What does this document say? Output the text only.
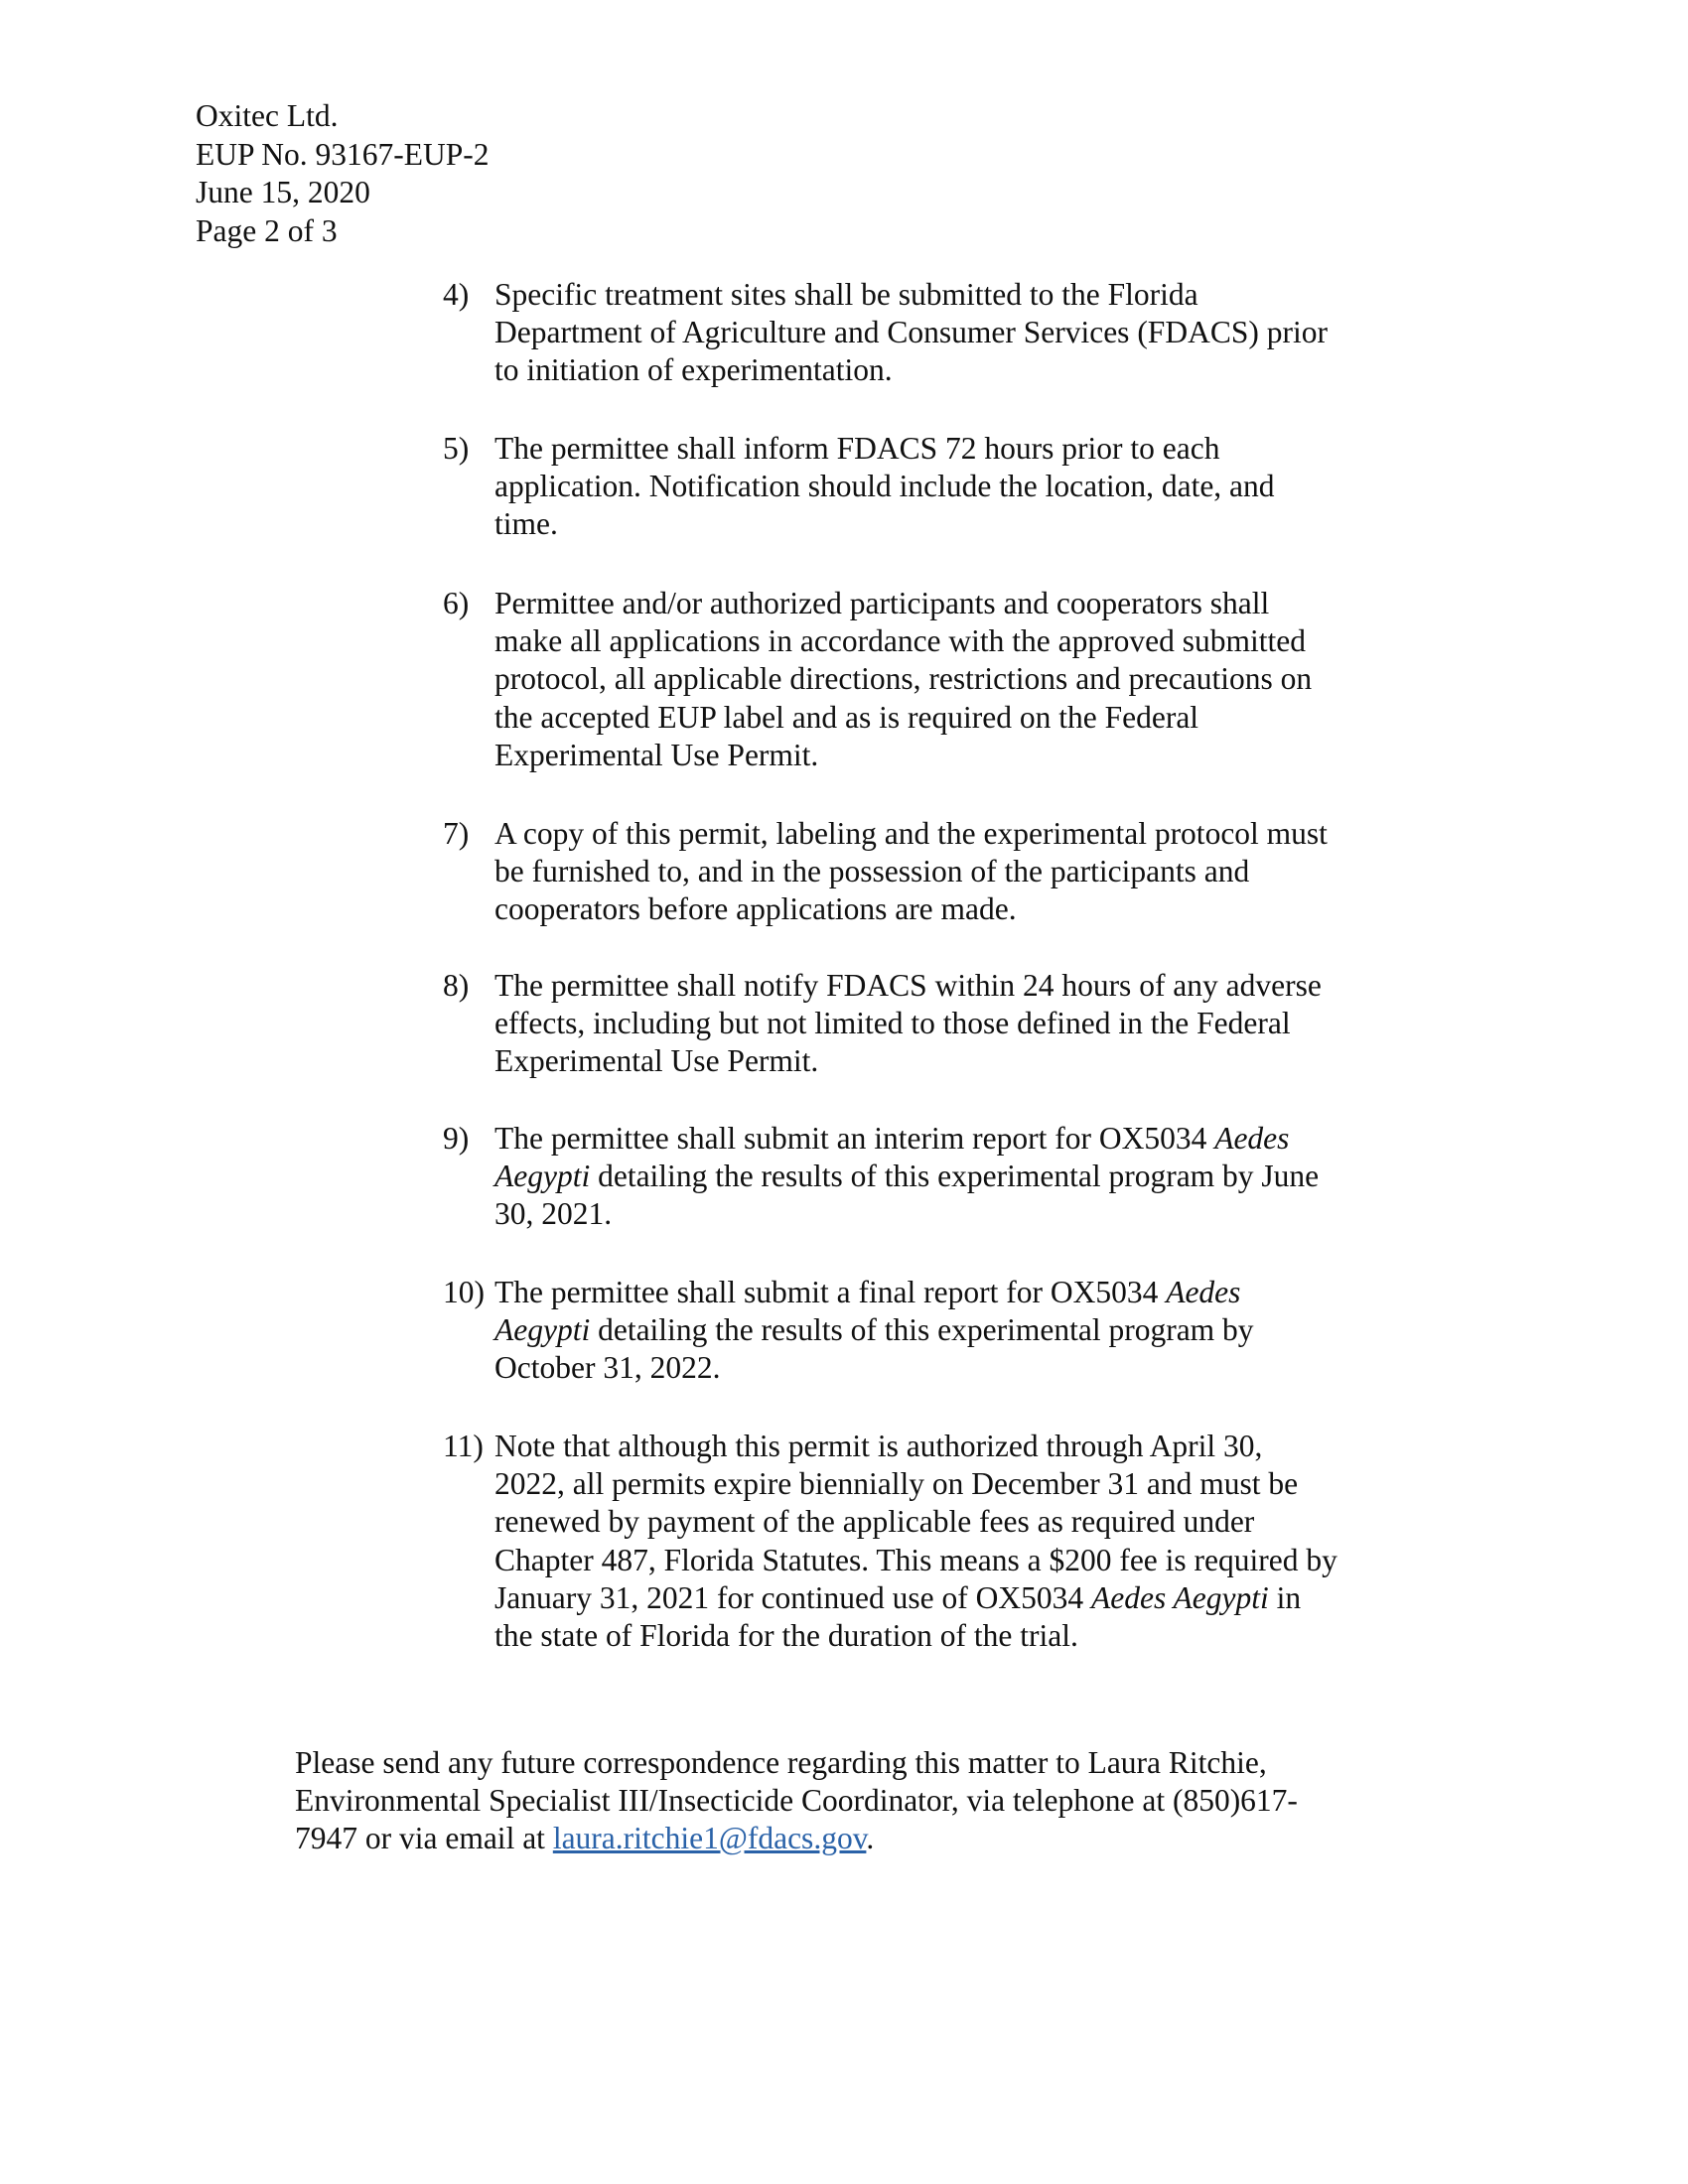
Oxitec Ltd.
EUP No. 93167-EUP-2
June 15, 2020
Page 2 of 3
4) Specific treatment sites shall be submitted to the Florida
Department of Agriculture and Consumer Services (FDACS) prior
to initiation of experimentation.
5) The permittee shall inform FDACS 72 hours prior to each
application. Notification should include the location, date, and
time.
6) Permittee and/or authorized participants and cooperators shall
make all applications in accordance with the approved submitted
protocol, all applicable directions, restrictions and precautions on
the accepted EUP label and as is required on the Federal
Experimental Use Permit.
7) A copy of this permit, labeling and the experimental protocol must
be furnished to, and in the possession of the participants and
cooperators before applications are made.
8) The permittee shall notify FDACS within 24 hours of any adverse
effects, including but not limited to those defined in the Federal
Experimental Use Permit.
9) The permittee shall submit an interim report for OX5034 Aedes
Aegypti detailing the results of this experimental program by June
30, 2021.
10) The permittee shall submit a final report for OX5034 Aedes
Aegypti detailing the results of this experimental program by
October 31, 2022.
11) Note that although this permit is authorized through April 30,
2022, all permits expire biennially on December 31 and must be
renewed by payment of the applicable fees as required under
Chapter 487, Florida Statutes. This means a $200 fee is required by
January 31, 2021 for continued use of OX5034 Aedes Aegypti in
the state of Florida for the duration of the trial.
Please send any future correspondence regarding this matter to Laura Ritchie,
Environmental Specialist III/Insecticide Coordinator, via telephone at (850)617-
7947 or via email at laura.ritchie1@fdacs.gov.
